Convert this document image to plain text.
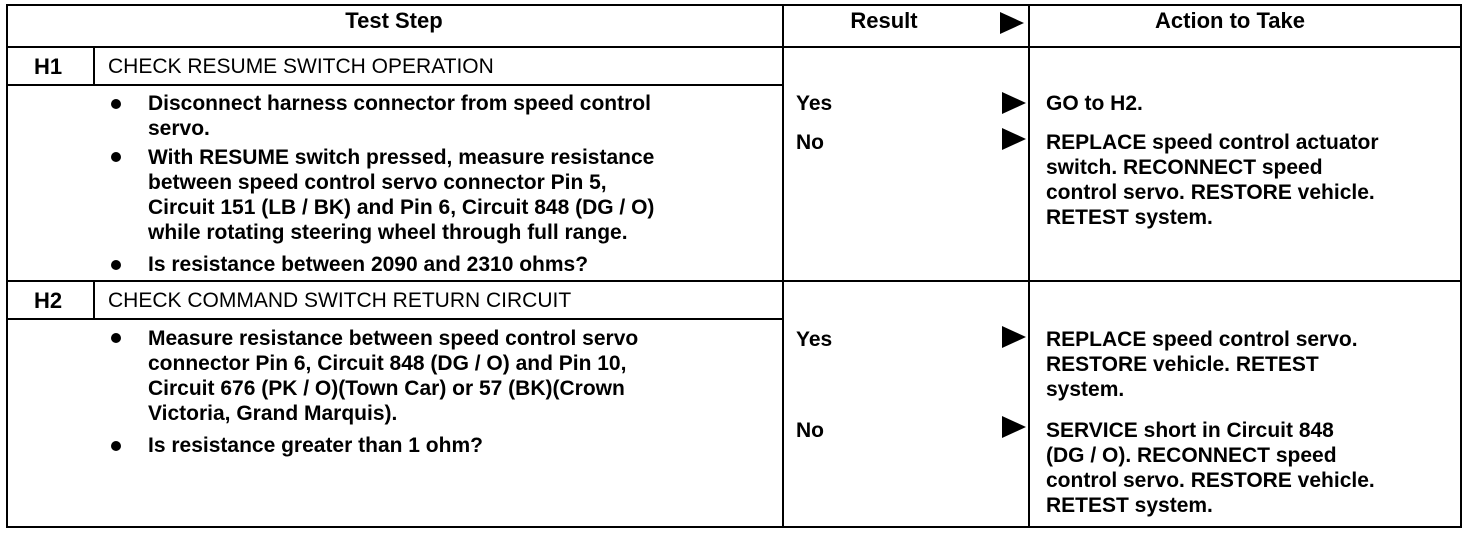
Test Step	Result	Action to Take
H1 CHECK RESUME SWITCH OPERATION
Disconnect harness connector from speed control
servo.
With RESUME switch pressed, measure resistance
between speed control servo connector Pin 5,
Circuit 151 (LB / BK) and Pin 6, Circuit 848 (DG / O)
while rotating steering wheel through full range.
Is resistance between 2090 and 2310 ohms?
Yes	GO to H2.
No	REPLACE speed control actuator
switch. RECONNECT speed
control servo. RESTORE vehicle.
RETEST system.
H2 CHECK COMMAND SWITCH RETURN CIRCUIT
Measure resistance between speed control servo
connector Pin 6, Circuit 848 (DG / O) and Pin 10,
Circuit 676 (PK / O)(Town Car) or 57 (BK)(Crown
Victoria, Grand Marquis).
Is resistance greater than 1 ohm?
Yes	REPLACE speed control servo.
RESTORE vehicle. RETEST
system.
No	SERVICE short in Circuit 848
(DG / O). RECONNECT speed
control servo. RESTORE vehicle.
RETEST system.
